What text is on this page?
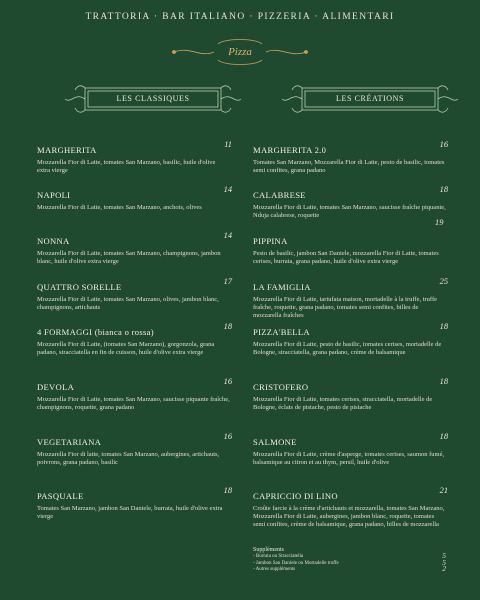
TRATTORIA · BAR ITALIANO · PIZZERIA · ALIMENTARI
Pizza
LES CLASSIQUES	LES CRÉATIONS
MARGHERITA
11
Mozzarella Fior di Latte, tomates San Marzano, basilic, huile d'olive extra vierge
NAPOLI
14
Mozzarella Fior di Latte, tomates San Marzano, anchois, olives
NONNA
14
Mozzarella Fior di Latte, tomates San Marzano, champignons, jambon blanc, huile d'olive extra vierge
QUATTRO SORELLE
17
Mozzarella Fior di Latte, tomates San Marzano, olives, jambon blanc, champignons, artichauts
4 FORMAGGI (bianca o rossa)
18
Mozzarella Fior di Latte, (tomates San Marzano), gorgonzola, grana padano, stracciatella en fin de cuisson, huile d'olive extra vierge
DEVOLA
16
Mozzarella Fior di Latte, tomates San Marzano, saucisse piquante fraîche, champignons, roquette, grana padano
VEGETARIANA
16
Mozzarella Fior di latte, tomates San Marzano, aubergines, artichauts, poivrons, grana padano, basilic
PASQUALE
18
Tomates San Marzano, jambon San Daniele, burrata, huile d'olive extra vierge
MARGHERITA 2.0
16
Tomates San Marzano, Mozzarella Fior di Latte, pesto de basilic, tomates semi confites, grana padano
CALABRESE
18
Mozzarella Fior di Latte, tomates San Marzano, saucisse fraîche piquante, Nduja calabrese, roquette
19
PIPPINA
Pesto de basilic, jambon San Daniele, mozzarella Fior di Latte, tomates cerises, burrata, grana padano, huile d'olive extra vierge
LA FAMIGLIA
25
Mozzarella Fior di Latte, tartufata maison, mortadelle à la truffe, truffe fraîche, roquette, grana padano, tomates semi confites, billes de mozzarella fraîches
PIZZA'BELLA
18
Mozzarella Fior di Latte, pesto de basilic, tomates cerises, mortadelle de Bologne, stracciatella, grana padano, crème de balsamique
CRISTOFERO
18
Mozzarella Fior di Latte, tomates cerises, stracciatella, mortadelle de Bologne, éclats de pistache, pesto de pistache
SALMONE
18
Mozzarella Fior di Latte, crème d'asperge, tomates cerises, saumon fumé, balsamique au citron et au thym, persil, huile d'olive
CAPRICCIO DI LINO
21
Croûte farcie à la crème d'artichauts et mozzarella, tomates San Marzano, Mozzarella Fior di Latte, aubergines, jambon blanc, roquette, tomates semi confites, crème de balsamique, grana padano, billes de mozzarella
Suppléments
- Burrata ou Stracciatella	5
- Jambon San Daniele ou Mortadelle truffe	5
- Autres suppléments	2
